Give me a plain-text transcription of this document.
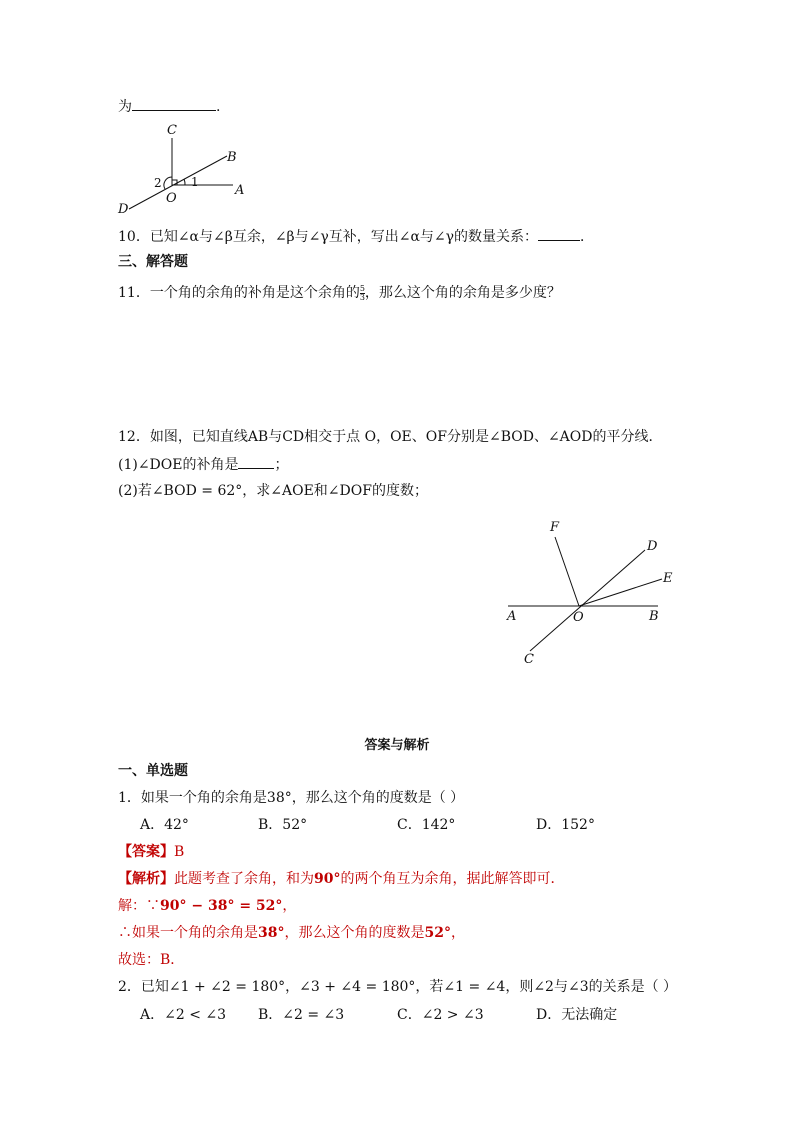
为	.
C
B
A
D
O
1
2
10．已知∠α与∠β互余，∠β与∠γ互补，写出∠α与∠γ的数量关系：	．
三、解答题
11．一个角的余角的补角是这个余角的 $\frac{5}{3}$ ，那么这个角的余角是多少度？
12．如图，已知直线AB与CD相交于点 O，OE、OF分别是∠BOD、∠AOD的平分线．
(1)∠DOE的补角是	；
(2)若∠BOD = 62°，求∠AOE和∠DOF的度数；
F
D
E
A	O	B
C
答案与解析
一、单选题
1．如果一个角的余角是38°，那么这个角的度数是（ ）
A．42°	B．52°	C．142°	D．152°
【答案】B
【解析】此题考查了余角，和为90°的两个角互为余角，据此解答即可．
解：∵90° − 38° = 52°，
∴如果一个角的余角是38°，那么这个角的度数是52°，
故选：B．
2．已知∠1 + ∠2 = 180°，∠3 + ∠4 = 180°，若∠1 = ∠4，则∠2与∠3的关系是（ ）
A．∠2 < ∠3 B．∠2 = ∠3	C．∠2 > ∠3	D．无法确定
